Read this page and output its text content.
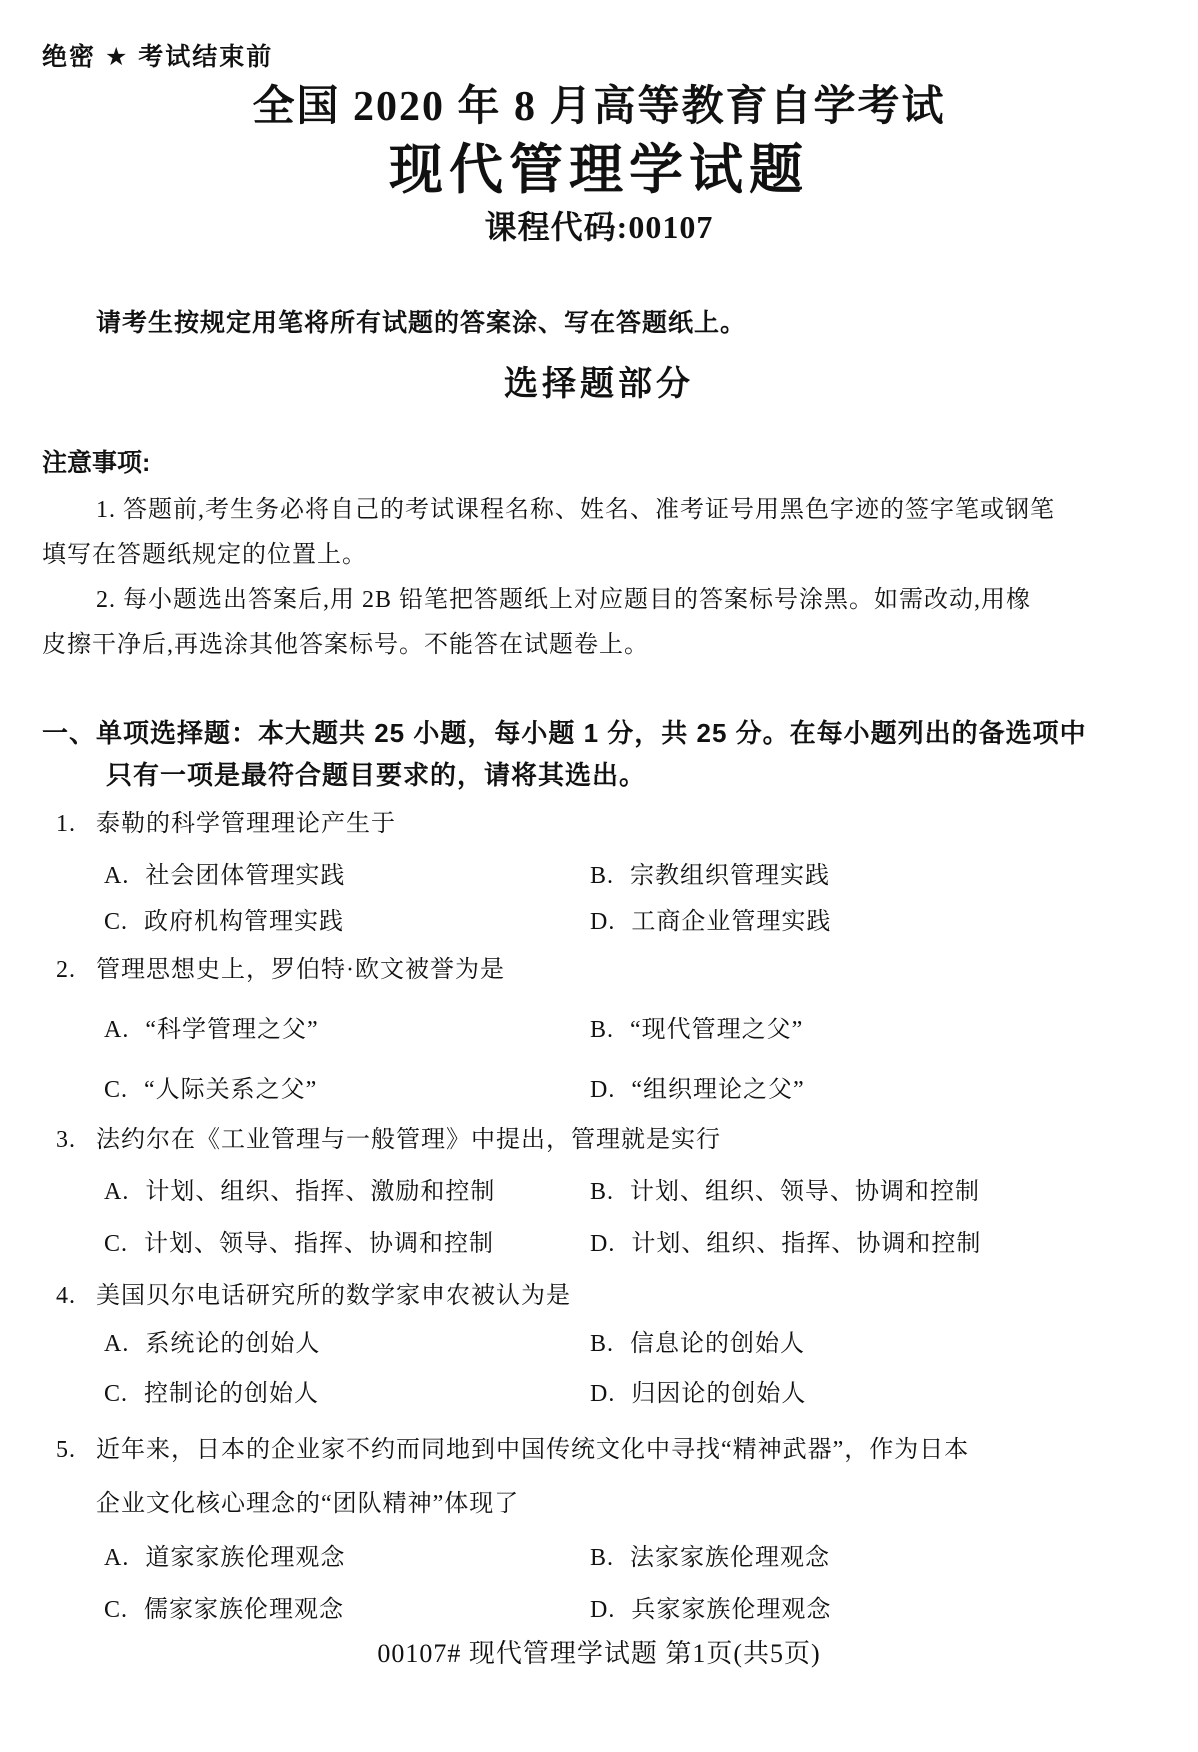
绝密 ★ 考试结束前
全国 2020 年 8 月高等教育自学考试
现代管理学试题
课程代码:00107
请考生按规定用笔将所有试题的答案涂、写在答题纸上。
选择题部分
注意事项:
1. 答题前,考生务必将自己的考试课程名称、姓名、准考证号用黑色字迹的签字笔或钢笔
填写在答题纸规定的位置上。
2. 每小题选出答案后,用 2B 铅笔把答题纸上对应题目的答案标号涂黑。如需改动,用橡
皮擦干净后,再选涂其他答案标号。不能答在试题卷上。
一、单项选择题：本大题共 25 小题，每小题 1 分，共 25 分。在每小题列出的备选项中
只有一项是最符合题目要求的，请将其选出。
1. 泰勒的科学管理理论产生于
A. 社会团体管理实践	B. 宗教组织管理实践
C. 政府机构管理实践	D. 工商企业管理实践
2. 管理思想史上，罗伯特·欧文被誉为是
A. “科学管理之父”	B. “现代管理之父”
C. “人际关系之父”	D. “组织理论之父”
3. 法约尔在《工业管理与一般管理》中提出，管理就是实行
A. 计划、组织、指挥、激励和控制	B. 计划、组织、领导、协调和控制
C. 计划、领导、指挥、协调和控制	D. 计划、组织、指挥、协调和控制
4. 美国贝尔电话研究所的数学家申农被认为是
A. 系统论的创始人	B. 信息论的创始人
C. 控制论的创始人	D. 归因论的创始人
5. 近年来，日本的企业家不约而同地到中国传统文化中寻找“精神武器”，作为日本
企业文化核心理念的“团队精神”体现了
A. 道家家族伦理观念	B. 法家家族伦理观念
C. 儒家家族伦理观念	D. 兵家家族伦理观念
00107# 现代管理学试题 第1页(共5页)
